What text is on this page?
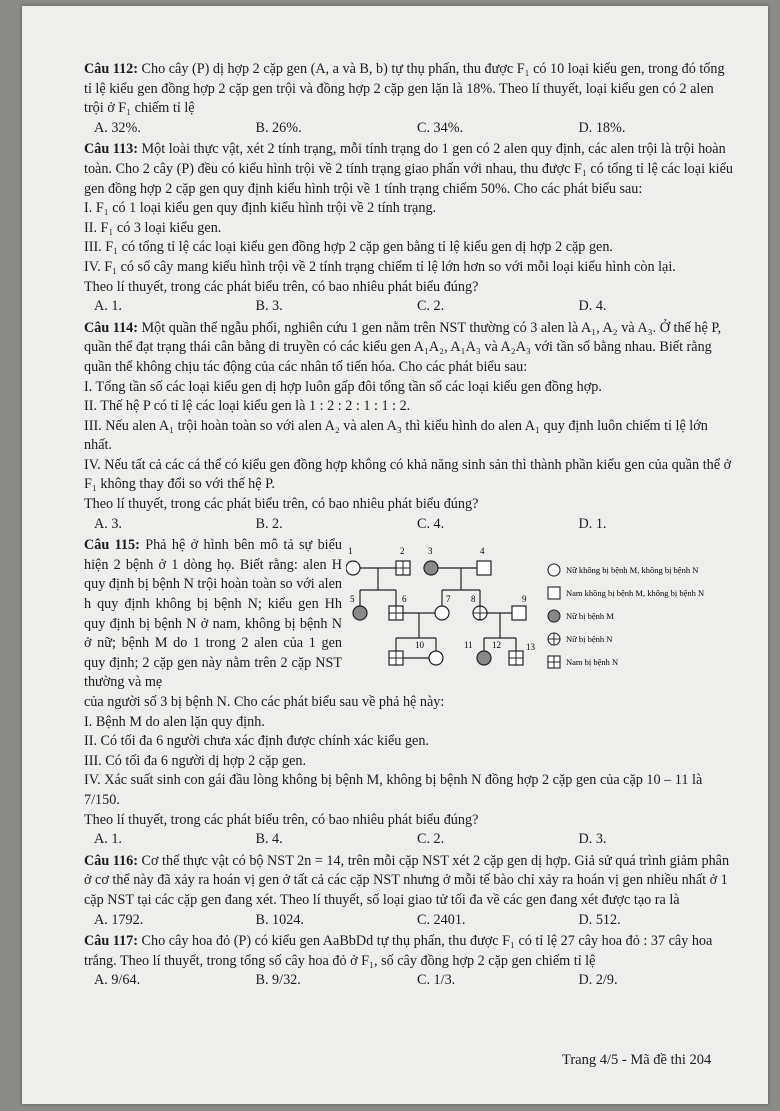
Câu 112: Cho cây (P) dị hợp 2 cặp gen (A, a và B, b) tự thụ phấn, thu được F₁ có 10 loại kiểu gen, trong đó tổng tỉ lệ kiểu gen đồng hợp 2 cặp gen trội và đồng hợp 2 cặp gen lặn là 18%. Theo lí thuyết, loại kiểu gen có 2 alen trội ở F₁ chiếm tỉ lệ

A. 32%.	B. 26%.	C. 34%.	D. 18%.

Câu 113: Một loài thực vật, xét 2 tính trạng, mỗi tính trạng do 1 gen có 2 alen quy định, các alen trội là trội hoàn toàn. Cho 2 cây (P) đều có kiểu hình trội về 2 tính trạng giao phấn với nhau, thu được F₁ có tổng tỉ lệ các loại kiểu gen đồng hợp 2 cặp gen quy định kiểu hình trội về 1 tính trạng chiếm 50%. Cho các phát biểu sau:

I. F₁ có 1 loại kiểu gen quy định kiểu hình trội về 2 tính trạng.

II. F₁ có 3 loại kiểu gen.

III. F₁ có tổng tỉ lệ các loại kiểu gen đồng hợp 2 cặp gen bằng tỉ lệ kiểu gen dị hợp 2 cặp gen.

IV. F₁ có số cây mang kiểu hình trội về 2 tính trạng chiếm tỉ lệ lớn hơn so với mỗi loại kiểu hình còn lại.

Theo lí thuyết, trong các phát biểu trên, có bao nhiêu phát biểu đúng?

A. 1.	B. 3.	C. 2.	D. 4.

Câu 114: Một quần thể ngẫu phối, nghiên cứu 1 gen nằm trên NST thường có 3 alen là A₁, A₂ và A₃. Ở thế hệ P, quần thể đạt trạng thái cân bằng di truyền có các kiểu gen A₁A₂, A₁A₃ và A₂A₃ với tần số bằng nhau. Biết rằng quần thể không chịu tác động của các nhân tố tiến hóa. Cho các phát biểu sau:

I. Tổng tần số các loại kiểu gen dị hợp luôn gấp đôi tổng tần số các loại kiểu gen đồng hợp.

II. Thế hệ P có tỉ lệ các loại kiểu gen là 1 : 2 : 2 : 1 : 1 : 2.

III. Nếu alen A₁ trội hoàn toàn so với alen A₂ và alen A₃ thì kiểu hình do alen A₁ quy định luôn chiếm tỉ lệ lớn nhất.

IV. Nếu tất cả các cá thể có kiểu gen đồng hợp không có khả năng sinh sản thì thành phần kiểu gen của quần thể ở F₁ không thay đổi so với thế hệ P.

Theo lí thuyết, trong các phát biểu trên, có bao nhiêu phát biểu đúng?

A. 3.	B. 2.	C. 4.	D. 1.

Câu 115: Phả hệ ở hình bên mô tả sự biểu hiện 2 bệnh ở 1 dòng họ. Biết rằng: alen H quy định bị bệnh N trội hoàn toàn so với alen h quy định không bị bệnh N; kiểu gen Hh quy định bị bệnh N ở nam, không bị bệnh N ở nữ; bệnh M do 1 trong 2 alen của 1 gen quy định; 2 cặp gen này nằm trên 2 cặp NST thường và mẹ

1	2	3	4
5	6	7 8	9
10	11 12	13
Nữ không bị bệnh M, không bị bệnh N
Nam không bị bệnh M, không bị bệnh N
Nữ bị bệnh M
Nữ bị bệnh N
Nam bị bệnh N

của người số 3 bị bệnh N. Cho các phát biểu sau về phả hệ này:

I. Bệnh M do alen lặn quy định.

II. Có tối đa 6 người chưa xác định được chính xác kiểu gen.

III. Có tối đa 6 người dị hợp 2 cặp gen.

IV. Xác suất sinh con gái đầu lòng không bị bệnh M, không bị bệnh N đồng hợp 2 cặp gen của cặp 10 – 11 là 7/150.

Theo lí thuyết, trong các phát biểu trên, có bao nhiêu phát biểu đúng?

A. 1.	B. 4.	C. 2.	D. 3.

Câu 116: Cơ thể thực vật có bộ NST 2n = 14, trên mỗi cặp NST xét 2 cặp gen dị hợp. Giả sử quá trình giảm phân ở cơ thể này đã xảy ra hoán vị gen ở tất cả các cặp NST nhưng ở mỗi tế bào chỉ xảy ra hoán vị gen nhiều nhất ở 1 cặp NST tại các cặp gen đang xét. Theo lí thuyết, số loại giao tử tối đa về các gen đang xét được tạo ra là

A. 1792.	B. 1024.	C. 2401.	D. 512.

Câu 117: Cho cây hoa đỏ (P) có kiểu gen AaBbDd tự thụ phấn, thu được F₁ có tỉ lệ 27 cây hoa đỏ : 37 cây hoa trắng. Theo lí thuyết, trong tổng số cây hoa đỏ ở F₁, số cây đồng hợp 2 cặp gen chiếm tỉ lệ

A. 9/64.	B. 9/32.	C. 1/3.	D. 2/9.
Trang 4/5 - Mã đề thi 204
